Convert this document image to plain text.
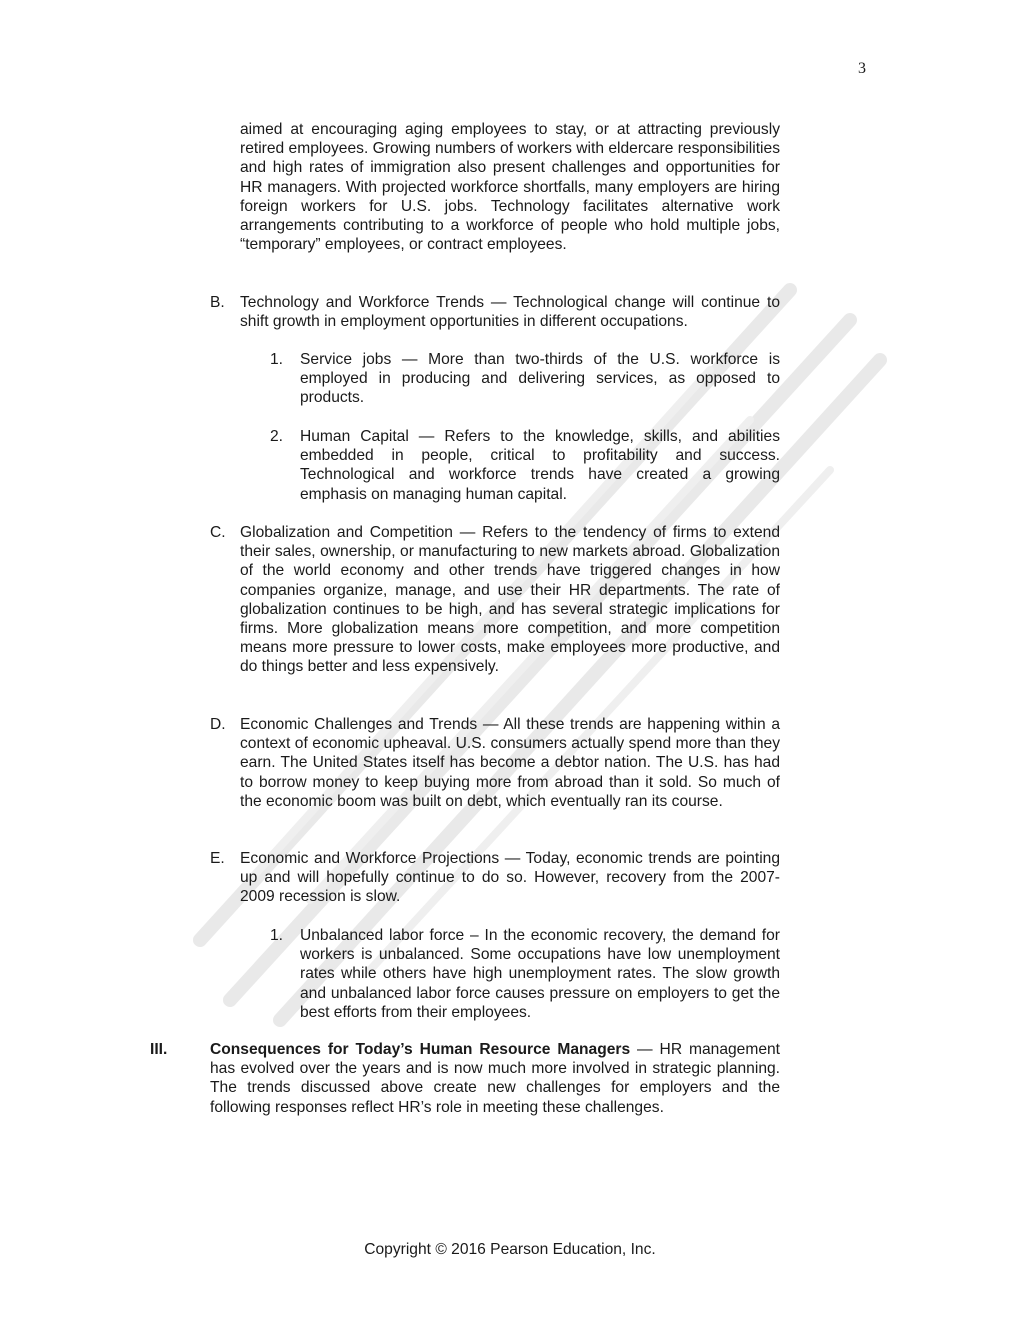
3
aimed at encouraging aging employees to stay, or at attracting previously retired employees. Growing numbers of workers with eldercare responsibilities and high rates of immigration also present challenges and opportunities for HR managers. With projected workforce shortfalls, many employers are hiring foreign workers for U.S. jobs. Technology facilitates alternative work arrangements contributing to a workforce of people who hold multiple jobs, “temporary” employees, or contract employees.
B. Technology and Workforce Trends — Technological change will continue to shift growth in employment opportunities in different occupations.
1. Service jobs — More than two-thirds of the U.S. workforce is employed in producing and delivering services, as opposed to products.
2. Human Capital — Refers to the knowledge, skills, and abilities embedded in people, critical to profitability and success. Technological and workforce trends have created a growing emphasis on managing human capital.
C. Globalization and Competition — Refers to the tendency of firms to extend their sales, ownership, or manufacturing to new markets abroad. Globalization of the world economy and other trends have triggered changes in how companies organize, manage, and use their HR departments. The rate of globalization continues to be high, and has several strategic implications for firms. More globalization means more competition, and more competition means more pressure to lower costs, make employees more productive, and do things better and less expensively.
D. Economic Challenges and Trends — All these trends are happening within a context of economic upheaval. U.S. consumers actually spend more than they earn. The United States itself has become a debtor nation. The U.S. has had to borrow money to keep buying more from abroad than it sold. So much of the economic boom was built on debt, which eventually ran its course.
E. Economic and Workforce Projections — Today, economic trends are pointing up and will hopefully continue to do so. However, recovery from the 2007-2009 recession is slow.
1. Unbalanced labor force – In the economic recovery, the demand for workers is unbalanced. Some occupations have low unemployment rates while others have high unemployment rates. The slow growth and unbalanced labor force causes pressure on employers to get the best efforts from their employees.
III.	Consequences for Today’s Human Resource Managers — HR management has evolved over the years and is now much more involved in strategic planning. The trends discussed above create new challenges for employers and the following responses reflect HR’s role in meeting these challenges.
Copyright © 2016 Pearson Education, Inc.
